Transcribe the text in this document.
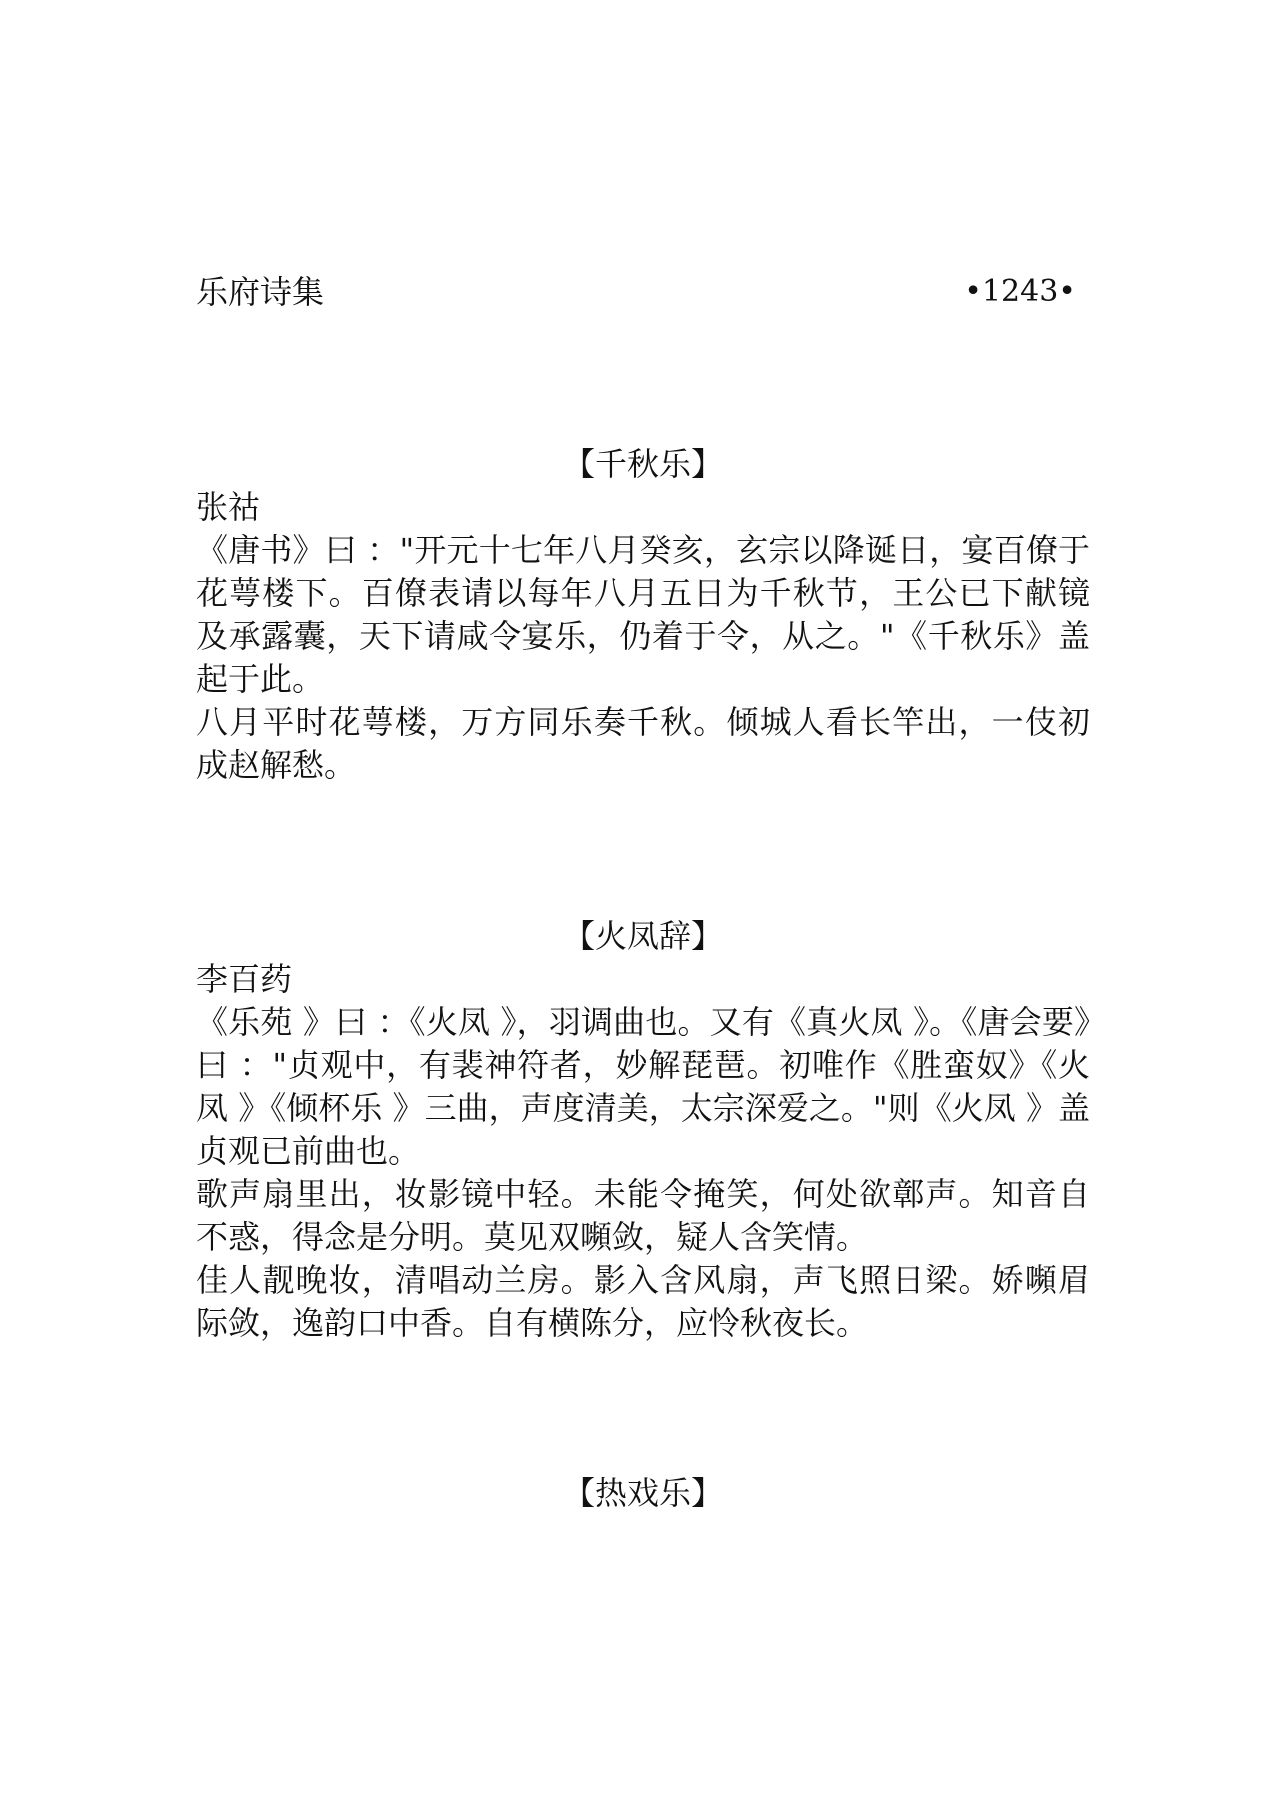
乐府诗集	•1243•
【千秋乐】
张祜
《唐书》曰 ："开元十七年八月癸亥，玄宗以降诞日，宴百僚于花萼楼下。百僚表请以每年八月五日为千秋节，王公已下献镜及承露囊，天下请咸令宴乐，仍着于令，从之。"《千秋乐》盖起于此。
八月平时花萼楼，万方同乐奏千秋。倾城人看长竿出，一伎初成赵解愁。
【火凤辞】
李百药
《乐苑 》曰 ：《火凤 》，羽调曲也。又有《真火凤 》。《唐会要》曰 ："贞观中，有裴神符者，妙解琵琶。初唯作《胜蛮奴》《火凤 》《倾杯乐 》三曲，声度清美，太宗深爱之。"则《火凤 》盖贞观已前曲也。
歌声扇里出，妆影镜中轻。未能令掩笑，何处欲鄣声。知音自不惑，得念是分明。莫见双嚬敛，疑人含笑情。
佳人靓晚妆，清唱动兰房。影入含风扇，声飞照日梁。娇嚬眉际敛，逸韵口中香。自有横陈分，应怜秋夜长。
【热戏乐】
